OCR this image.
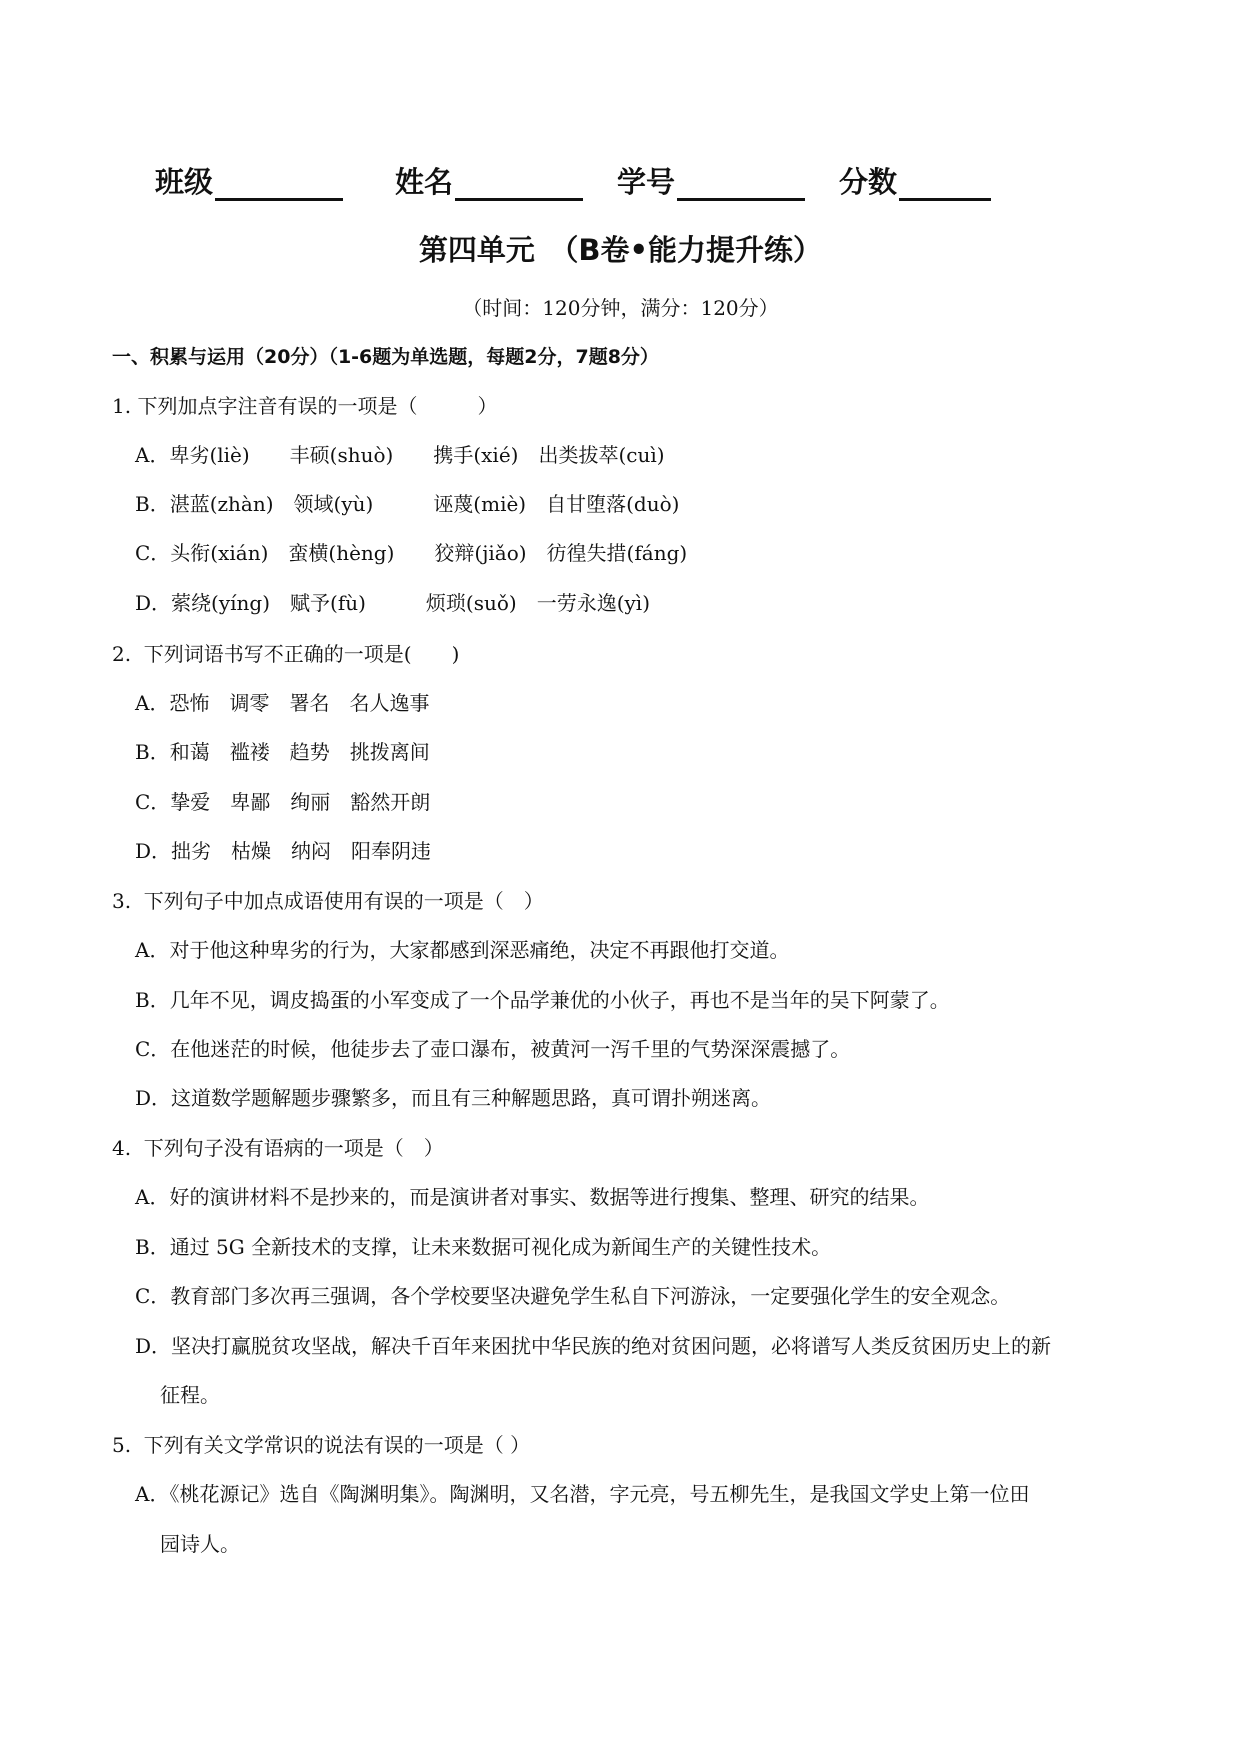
班级	姓名	学号	分数
第四单元　（B卷•能力提升练）
（时间：120分钟，满分：120分）
一、积累与运用（20分）（1-6题为单选题，每题2分，7题8分）
1. 下列加点字注音有误的一项是（　　　）
A．卑劣(liè)　　丰硕(shuò)　　携手(xié)　出类拔萃(cuì)
B．湛蓝(zhàn)　领域(yù)　　　诬蔑(miè)　自甘堕落(duò)
C．头衔(xián)　蛮横(hèng)　　狡辩(jiǎo)　彷徨失措(fáng)
D．萦绕(yíng)　赋予(fù)　　　烦琐(suǒ)　一劳永逸(yì)
2.  下列词语书写不正确的一项是(　　)
A．恐怖　调零　署名　名人逸事
B．和蔼　褴褛　趋势　挑拨离间
C．挚爱　卑鄙　绚丽　豁然开朗
D．拙劣　枯燥　纳闷　阳奉阴违
3.  下列句子中加点成语使用有误的一项是（　）
A．对于他这种卑劣的行为，大家都感到深恶痛绝，决定不再跟他打交道。
B．几年不见，调皮捣蛋的小军变成了一个品学兼优的小伙子，再也不是当年的吴下阿蒙了。
C．在他迷茫的时候，他徒步去了壶口瀑布，被黄河一泻千里的气势深深震撼了。
D．这道数学题解题步骤繁多，而且有三种解题思路，真可谓扑朔迷离。
4.  下列句子没有语病的一项是（　）
A．好的演讲材料不是抄来的，而是演讲者对事实、数据等进行搜集、整理、研究的结果。
B．通过 5G 全新技术的支撑，让未来数据可视化成为新闻生产的关键性技术。
C．教育部门多次再三强调，各个学校要坚决避免学生私自下河游泳，一定要强化学生的安全观念。
D．坚决打赢脱贫攻坚战，解决千百年来困扰中华民族的绝对贫困问题，必将谱写人类反贫困历史上的新
征程。
5.  下列有关文学常识的说法有误的一项是（ ）
A．《桃花源记》选自《陶渊明集》。陶渊明，又名潜，字元亮，号五柳先生，是我国文学史上第一位田
园诗人。
